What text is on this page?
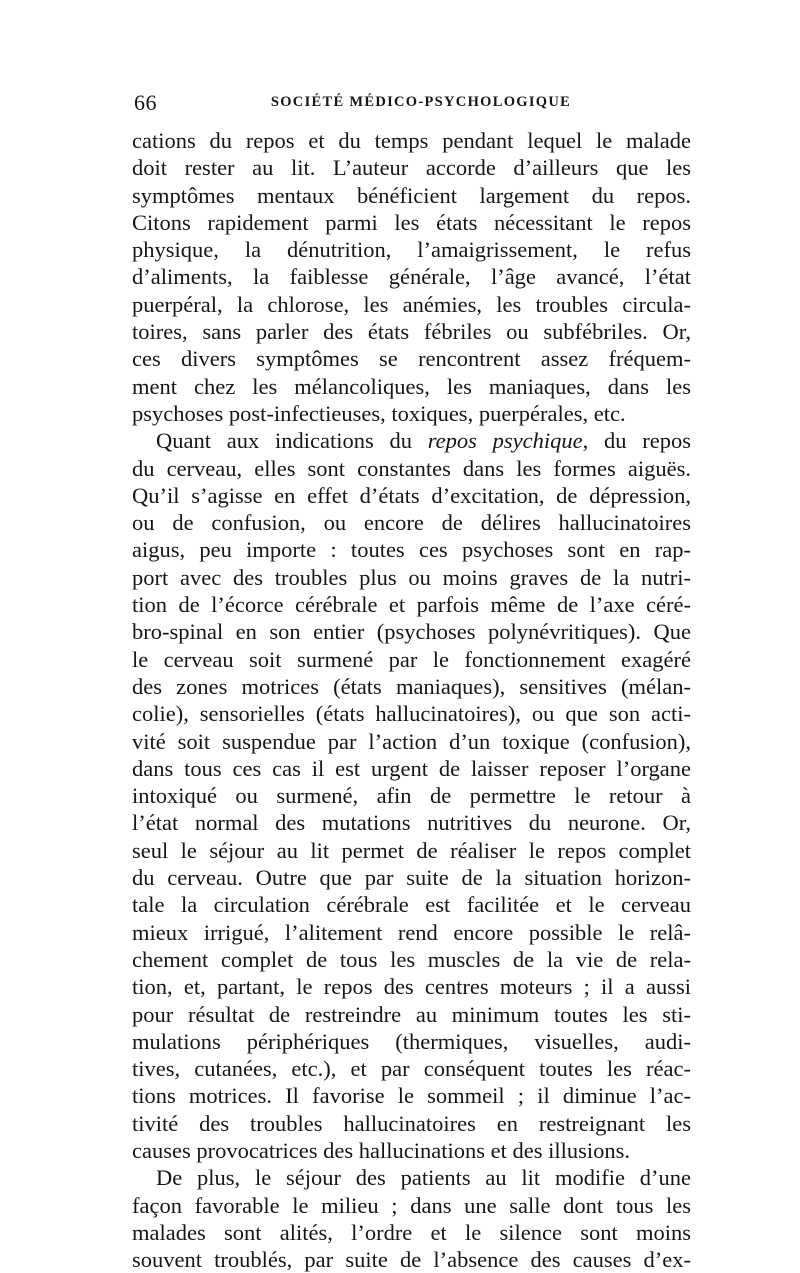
66	SOCIÉTÉ MÉDICO-PSYCHOLOGIQUE
cations du repos et du temps pendant lequel le malade
doit rester au lit. L’auteur accorde d’ailleurs que les
symptômes mentaux bénéficient largement du repos.
Citons rapidement parmi les états nécessitant le repos
physique, la dénutrition, l’amaigrissement, le refus
d’aliments, la faiblesse générale, l’âge avancé, l’état
puerpéral, la chlorose, les anémies, les troubles circula-
toires, sans parler des états fébriles ou subfébriles. Or,
ces divers symptômes se rencontrent assez fréquem-
ment chez les mélancoliques, les maniaques, dans les
psychoses post-infectieuses, toxiques, puerpérales, etc.
Quant aux indications du repos psychique, du repos
du cerveau, elles sont constantes dans les formes aiguës.
Qu’il s’agisse en effet d’états d’excitation, de dépression,
ou de confusion, ou encore de délires hallucinatoires
aigus, peu importe : toutes ces psychoses sont en rap-
port avec des troubles plus ou moins graves de la nutri-
tion de l’écorce cérébrale et parfois même de l’axe céré-
bro-spinal en son entier (psychoses polynévritiques). Que
le cerveau soit surmené par le fonctionnement exagéré
des zones motrices (états maniaques), sensitives (mélan-
colie), sensorielles (états hallucinatoires), ou que son acti-
vité soit suspendue par l’action d’un toxique (confusion),
dans tous ces cas il est urgent de laisser reposer l’organe
intoxiqué ou surmené, afin de permettre le retour à
l’état normal des mutations nutritives du neurone. Or,
seul le séjour au lit permet de réaliser le repos complet
du cerveau. Outre que par suite de la situation horizon-
tale la circulation cérébrale est facilitée et le cerveau
mieux irrigué, l’alitement rend encore possible le relâ-
chement complet de tous les muscles de la vie de rela-
tion, et, partant, le repos des centres moteurs ; il a aussi
pour résultat de restreindre au minimum toutes les sti-
mulations périphériques (thermiques, visuelles, audi-
tives, cutanées, etc.), et par conséquent toutes les réac-
tions motrices. Il favorise le sommeil ; il diminue l’ac-
tivité des troubles hallucinatoires en restreignant les
causes provocatrices des hallucinations et des illusions.
De plus, le séjour des patients au lit modifie d’une
façon favorable le milieu ; dans une salle dont tous les
malades sont alités, l’ordre et le silence sont moins
souvent troublés, par suite de l’absence des causes d’ex-
